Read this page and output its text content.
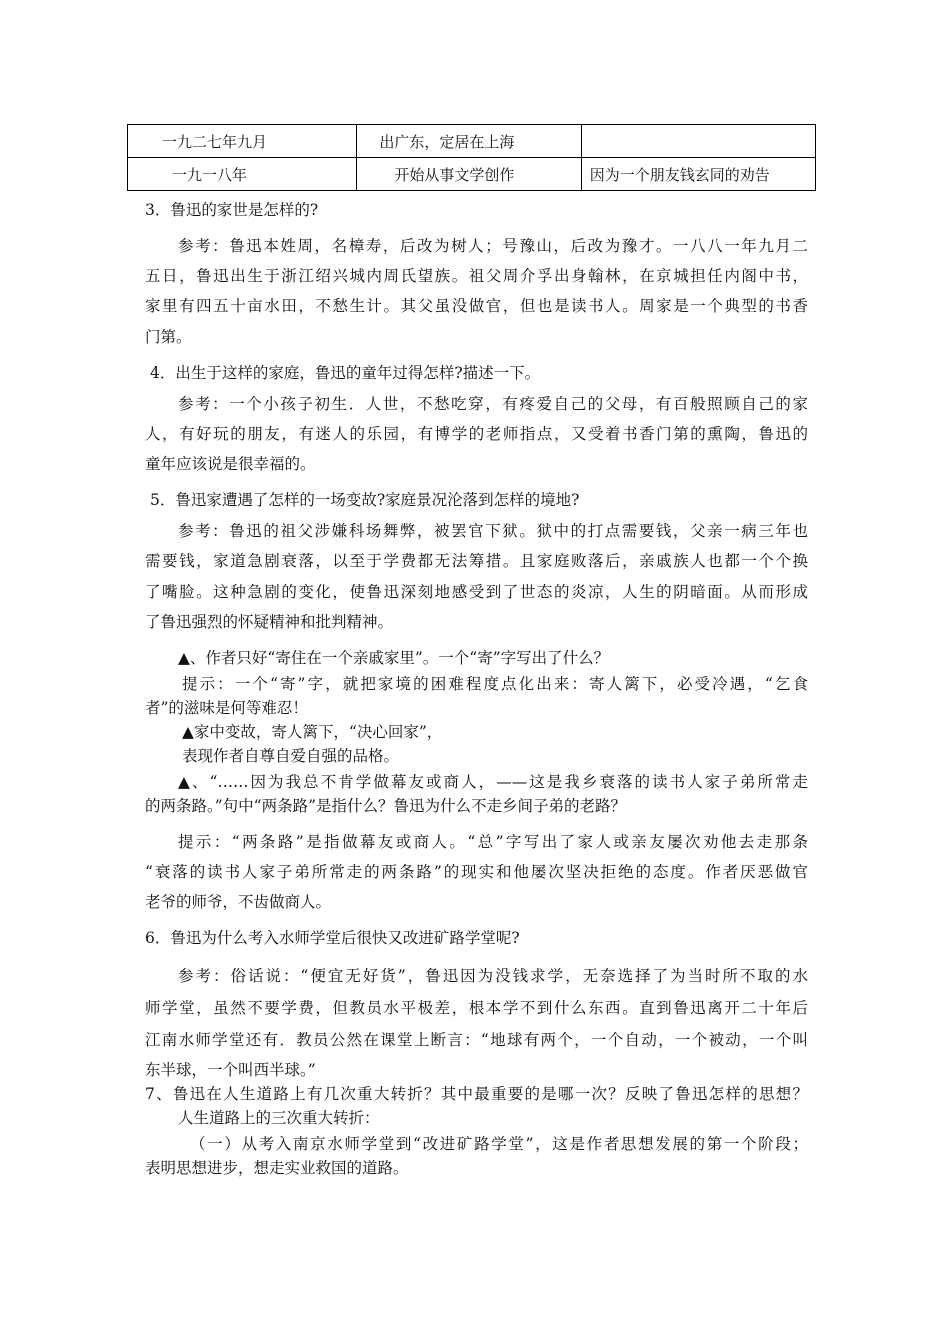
一九二七年九月	出广东，定居在上海	
一九一八年	开始从事文学创作	因为一个朋友钱玄同的劝告
3．鲁迅的家世是怎样的?
参考：鲁迅本姓周，名樟寿，后改为树人；号豫山，后改为豫才。一八八一年九月二
五日，鲁迅出生于浙江绍兴城内周氏望族。祖父周介孚出身翰林，在京城担任内阁中书，
家里有四五十亩水田，不愁生计。其父虽没做官，但也是读书人。周家是一个典型的书香
门第。
4．出生于这样的家庭，鲁迅的童年过得怎样?描述一下。
参考：一个小孩子初生．人世，不愁吃穿，有疼爱自己的父母，有百般照顾自己的家
人，有好玩的朋友，有迷人的乐园，有博学的老师指点，又受着书香门第的熏陶，鲁迅的
童年应该说是很幸福的。
5．鲁迅家遭遇了怎样的一场变故?家庭景况沦落到怎样的境地?
参考：鲁迅的祖父涉嫌科场舞弊，被罢官下狱。狱中的打点需要钱，父亲一病三年也
需要钱，家道急剧衰落，以至于学费都无法筹措。且家庭败落后，亲戚族人也都一个个换
了嘴脸。这种急剧的变化，使鲁迅深刻地感受到了世态的炎凉，人生的阴暗面。从而形成
了鲁迅强烈的怀疑精神和批判精神。
▲、作者只好“寄住在一个亲戚家里”。一个“寄”字写出了什么？
提示：一个“寄”字，就把家境的困难程度点化出来：寄人篱下，必受冷遇，“乞食
者”的滋味是何等难忍！
▲家中变故，寄人篱下，“决心回家”，
表现作者自尊自爱自强的品格。
▲、“……因为我总不肯学做幕友或商人，——这是我乡衰落的读书人家子弟所常走
的两条路。”句中“两条路”是指什么？鲁迅为什么不走乡间子弟的老路？
提示：“两条路”是指做幕友或商人。“总”字写出了家人或亲友屡次劝他去走那条
“衰落的读书人家子弟所常走的两条路”的现实和他屡次坚决拒绝的态度。作者厌恶做官
老爷的师爷，不齿做商人。
6．鲁迅为什么考入水师学堂后很快又改进矿路学堂呢?
参考：俗话说：“便宜无好货”，鲁迅因为没钱求学，无奈选择了为当时所不取的水
师学堂，虽然不要学费，但教员水平极差，根本学不到什么东西。直到鲁迅离开二十年后
江南水师学堂还有．教员公然在课堂上断言：“地球有两个，一个自动，一个被动，一个叫
东半球，一个叫西半球。”
7、鲁迅在人生道路上有几次重大转折？其中最重要的是哪一次？反映了鲁迅怎样的思想？
人生道路上的三次重大转折：
（一）从考入南京水师学堂到“改进矿路学堂”，这是作者思想发展的第一个阶段；
表明思想进步，想走实业救国的道路。
